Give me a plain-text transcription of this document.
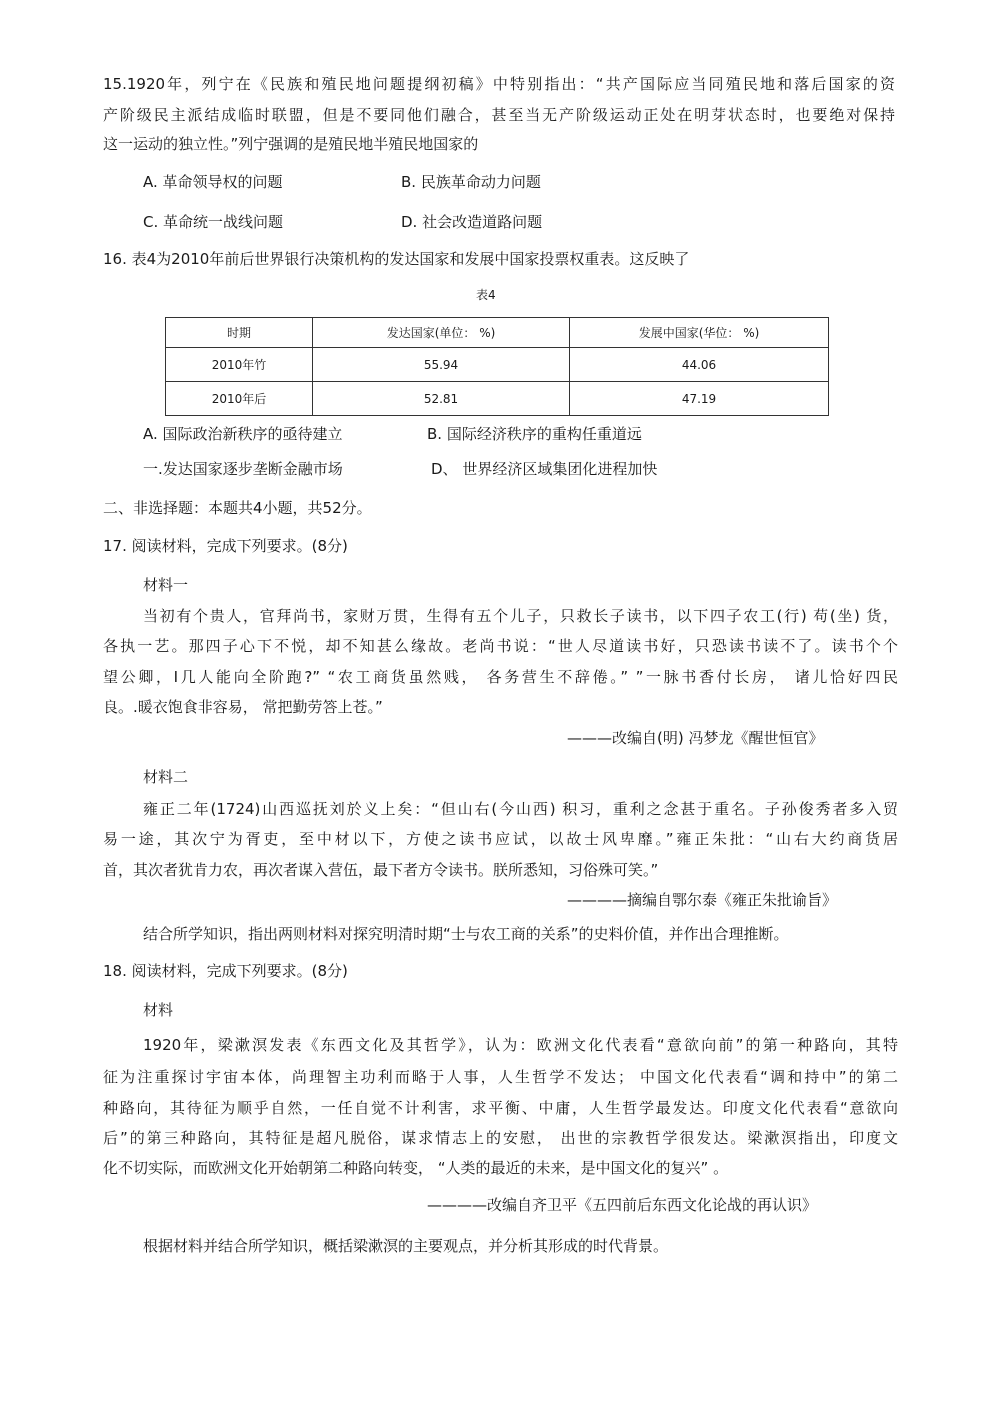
15.1920年，列宁在《民族和殖民地问题提纲初稿》中特别指出：“共产国际应当同殖民地和落后国家的资
产阶级民主派结成临时联盟，但是不要同他们融合，甚至当无产阶级运动正处在明芽状态时，也要绝对保持
这一运动的独立性。”列宁强调的是殖民地半殖民地国家的
A. 革命领导权的问题	B. 民族革命动力问题
C. 革命统一战线问题	D. 社会改造道路问题
16. 表4为2010年前后世界银行决策机构的发达国家和发展中国家投票权重表。这反映了
表4
时期	发达国家(单位： %)	发展中国家(华位： %)
2010年竹	55.94	44.06
2010年后	52.81	47.19
A. 国际政治新秩序的亟待建立	B. 国际经济秩序的重构任重道远
一.发达国家逐步垄断金融市场	D、 世界经济区域集团化进程加快
二、非选择题：本题共4小题，共52分。
17. 阅读材料，完成下列要求。(8分)
材料一
当初有个贵人，官拜尚书，家财万贯，生得有五个儿子，只救长子读书，以下四子农工(行) 苟(坐) 货，
各执一艺。那四子心下不悦，却不知甚么缘故。老尚书说：“世人尽道读书好，只恐读书读不了。读书个个
望公卿，I几人能向全阶跑?” “农工商货虽然贱， 各务营生不辞倦。” ”一脉书香付长房， 诸儿恰好四民
良。.暖衣饱食非容易， 常把勤劳答上苍。”
———改编自(明) 冯梦龙《醒世恒官》
材料二
雍正二年(1724)山西巡抚刘於义上矣：“但山右(今山西) 积习，重利之念甚于重名。子孙俊秀者多入贸
易一途，其次宁为胥吏，至中材以下，方使之读书应试，以故士风卑靡。”雍正朱批：“山右大约商货居
首，其次者犹肯力农，再次者谋入营伍，最下者方令读书。朕所悉知，习俗殊可笑。”
————摘编自鄂尔泰《雍正朱批谕旨》
结合所学知识，指出两则材料对探究明清时期“士与农工商的关系”的史料价值，并作出合理推断。
18. 阅读材料，完成下列要求。(8分)
材料
1920年，梁漱溟发表《东西文化及其哲学》，认为：欧洲文化代表看“意欲向前”的第一种路向，其特
征为注重探讨宇宙本体，尚理智主功利而略于人事，人生哲学不发达； 中国文化代表看“调和持中”的第二
种路向，其待征为顺乎自然，一任自觉不计利害，求平衡、中庸，人生哲学最发达。印度文化代表看“意欲向
后”的第三种路向，其特征是超凡脱俗，谋求情志上的安慰， 出世的宗教哲学很发达。梁漱溟指出，印度文
化不切实际，而欧洲文化开始朝第二种路向转变， “人类的最近的未来，是中国文化的复兴” 。
————改编自齐卫平《五四前后东西文化论战的再认识》
根据材料并结合所学知识，概括梁漱溟的主要观点，并分析其形成的时代背景。
